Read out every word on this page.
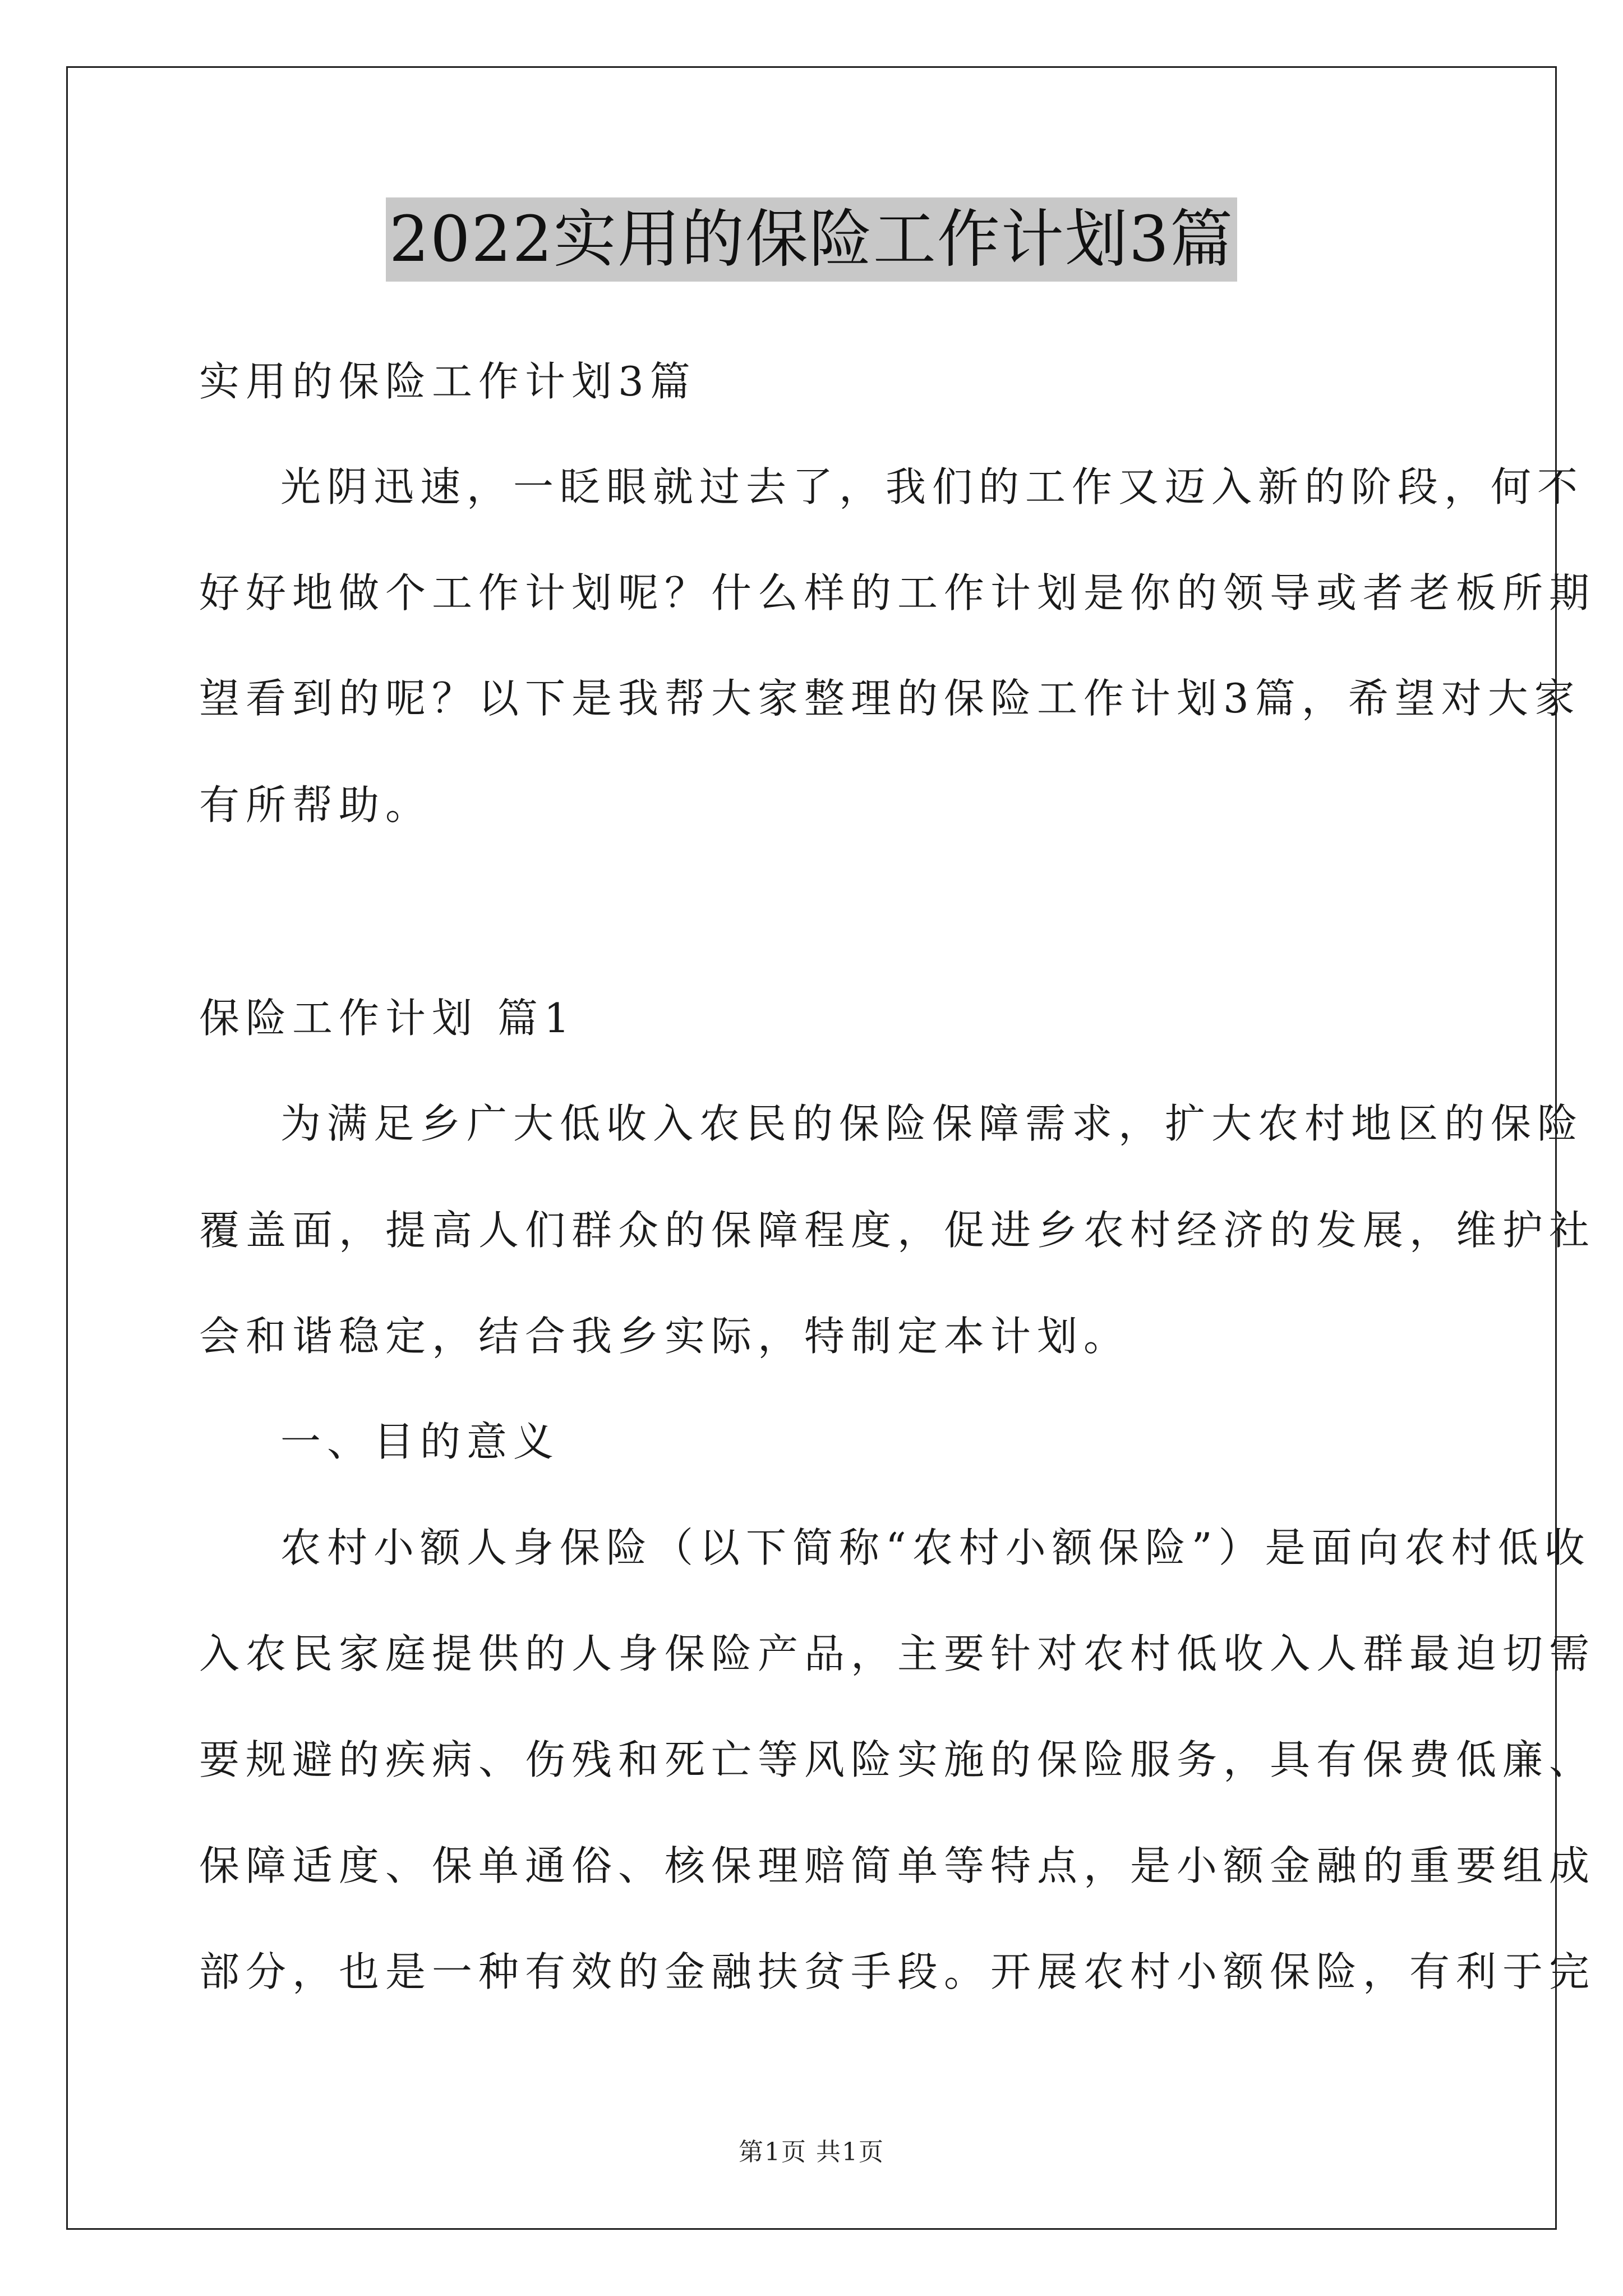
2022实用的保险工作计划3篇
实用的保险工作计划3篇
光阴迅速，一眨眼就过去了，我们的工作又迈入新的阶段，何不
好好地做个工作计划呢？什么样的工作计划是你的领导或者老板所期
望看到的呢？以下是我帮大家整理的保险工作计划3篇，希望对大家
有所帮助。
保险工作计划 篇1
为满足乡广大低收入农民的保险保障需求，扩大农村地区的保险
覆盖面，提高人们群众的保障程度，促进乡农村经济的发展，维护社
会和谐稳定，结合我乡实际，特制定本计划。
一、目的意义
农村小额人身保险（以下简称“农村小额保险”）是面向农村低收
入农民家庭提供的人身保险产品，主要针对农村低收入人群最迫切需
要规避的疾病、伤残和死亡等风险实施的保险服务，具有保费低廉、
保障适度、保单通俗、核保理赔简单等特点，是小额金融的重要组成
部分，也是一种有效的金融扶贫手段。开展农村小额保险，有利于完
第1页 共1页
